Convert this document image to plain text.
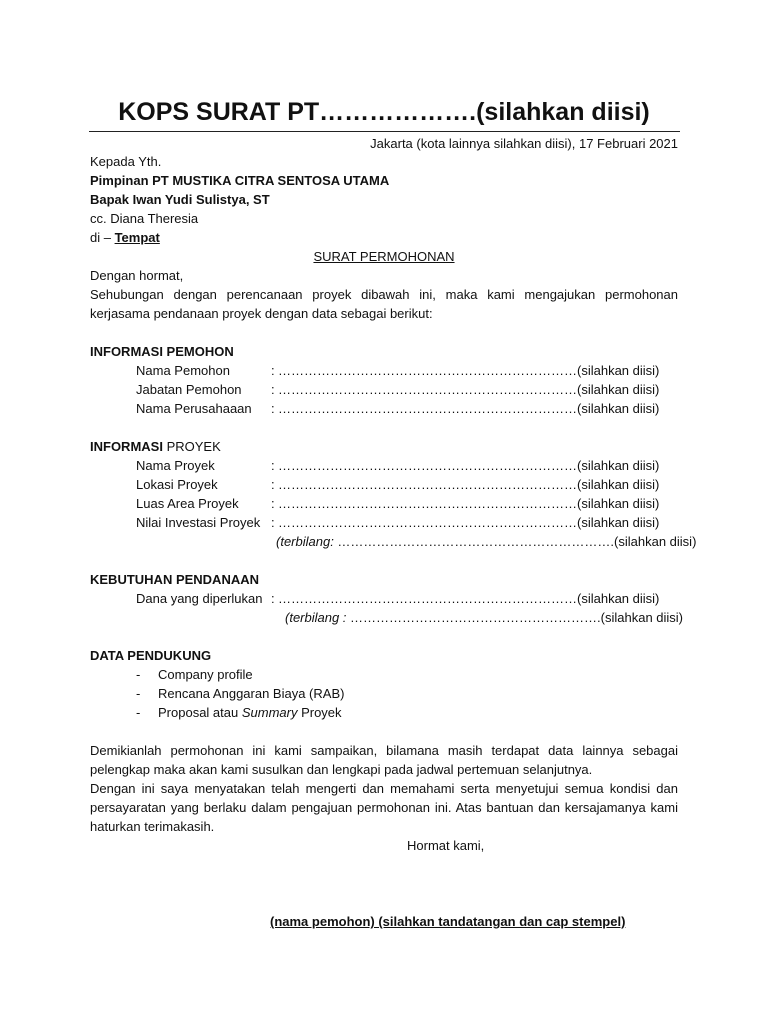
KOPS SURAT PT……………….(silahkan diisi)
Jakarta (kota lainnya silahkan diisi), 17 Februari 2021
Kepada Yth.
Pimpinan PT MUSTIKA CITRA SENTOSA UTAMA
Bapak Iwan Yudi Sulistya, ST
cc. Diana Theresia
di – Tempat
SURAT PERMOHONAN
Dengan hormat,
Sehubungan dengan perencanaan proyek dibawah ini, maka kami mengajukan permohonan kerjasama pendanaan proyek dengan data sebagai berikut:
INFORMASI PEMOHON
Nama Pemohon	: ……………………………………………………………(silahkan diisi)
Jabatan Pemohon : ……………………………………………………………(silahkan diisi)
Nama Perusahaaan : ……………………………………………………………(silahkan diisi)
INFORMASI PROYEK
Nama Proyek	: ……………………………………………………………(silahkan diisi)
Lokasi Proyek	: ……………………………………………………………(silahkan diisi)
Luas Area Proyek : ……………………………………………………………(silahkan diisi)
Nilai Investasi Proyek : ……………………………………………………………(silahkan diisi)
(terbilang: ……………………………………………………….(silahkan diisi)
KEBUTUHAN PENDANAAN
Dana yang diperlukan : ……………………………………………………………(silahkan diisi)
(terbilang : ………………………………………………….(silahkan diisi)
DATA PENDUKUNG
- Company profile
- Rencana Anggaran Biaya (RAB)
- Proposal atau Summary Proyek
Demikianlah permohonan ini kami sampaikan, bilamana masih terdapat data lainnya sebagai pelengkap maka akan kami susulkan dan lengkapi pada jadwal pertemuan selanjutnya.
Dengan ini saya menyatakan telah mengerti dan memahami serta menyetujui semua kondisi dan persayaratan yang berlaku dalam pengajuan permohonan ini. Atas bantuan dan kersajamanya kami haturkan terimakasih.
Hormat kami,
(nama pemohon) (silahkan tandatangan dan cap stempel)
